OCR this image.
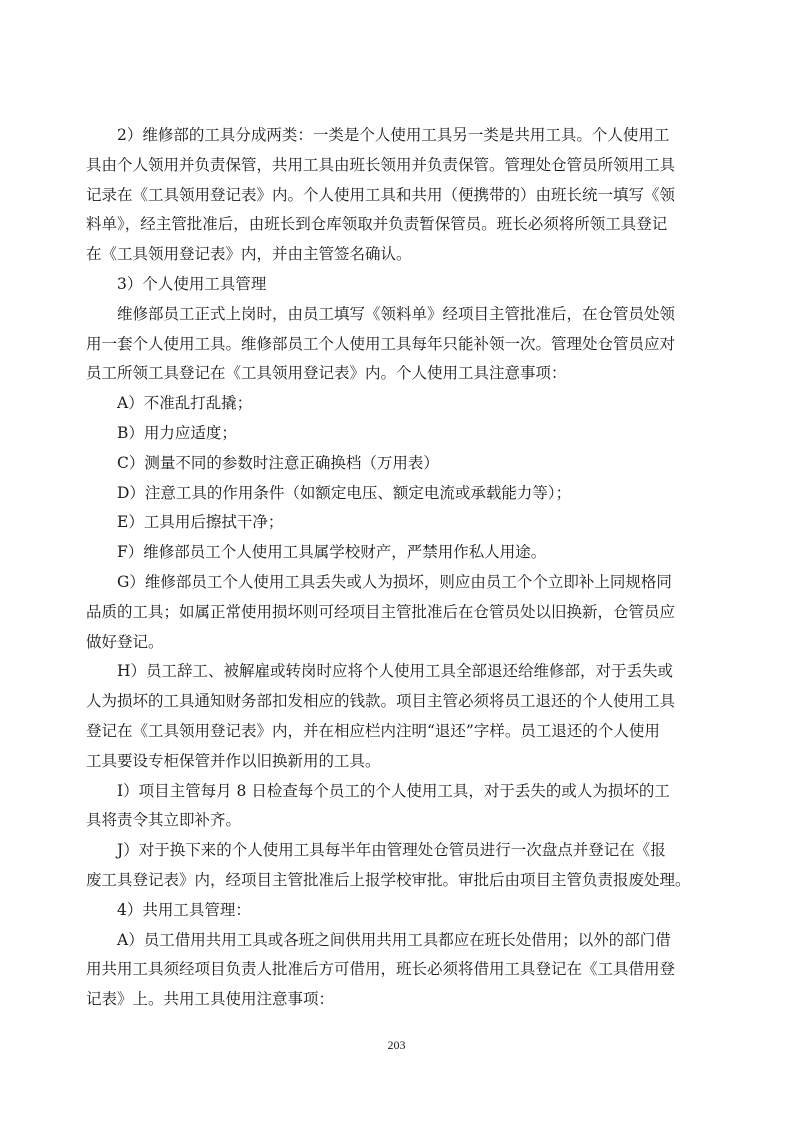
2）维修部的工具分成两类：一类是个人使用工具另一类是共用工具。个人使用工
具由个人领用并负责保管，共用工具由班长领用并负责保管。管理处仓管员所领用工具
记录在《工具领用登记表》内。个人使用工具和共用（便携带的）由班长统一填写《领
料单》，经主管批准后，由班长到仓库领取并负责暂保管员。班长必须将所领工具登记
在《工具领用登记表》内，并由主管签名确认。
3）个人使用工具管理
维修部员工正式上岗时，由员工填写《领料单》经项目主管批准后，在仓管员处领
用一套个人使用工具。维修部员工个人使用工具每年只能补领一次。管理处仓管员应对
员工所领工具登记在《工具领用登记表》内。个人使用工具注意事项：
A）不准乱打乱撬；
B）用力应适度；
C）测量不同的参数时注意正确换档（万用表）
D）注意工具的作用条件（如额定电压、额定电流或承载能力等）；
E）工具用后擦拭干净；
F）维修部员工个人使用工具属学校财产，严禁用作私人用途。
G）维修部员工个人使用工具丢失或人为损坏，则应由员工个个立即补上同规格同
品质的工具；如属正常使用损坏则可经项目主管批准后在仓管员处以旧换新，仓管员应
做好登记。
H）员工辞工、被解雇或转岗时应将个人使用工具全部退还给维修部，对于丢失或
人为损坏的工具通知财务部扣发相应的钱款。项目主管必须将员工退还的个人使用工具
登记在《工具领用登记表》内，并在相应栏内注明“退还”字样。员工退还的个人使用
工具要设专柜保管并作以旧换新用的工具。
I）项目主管每月 8 日检查每个员工的个人使用工具，对于丢失的或人为损坏的工
具将责令其立即补齐。
J）对于换下来的个人使用工具每半年由管理处仓管员进行一次盘点并登记在《报
废工具登记表》内，经项目主管批准后上报学校审批。审批后由项目主管负责报废处理。
4）共用工具管理：
A）员工借用共用工具或各班之间供用共用工具都应在班长处借用；以外的部门借
用共用工具须经项目负责人批准后方可借用，班长必须将借用工具登记在《工具借用登
记表》上。共用工具使用注意事项：
203
